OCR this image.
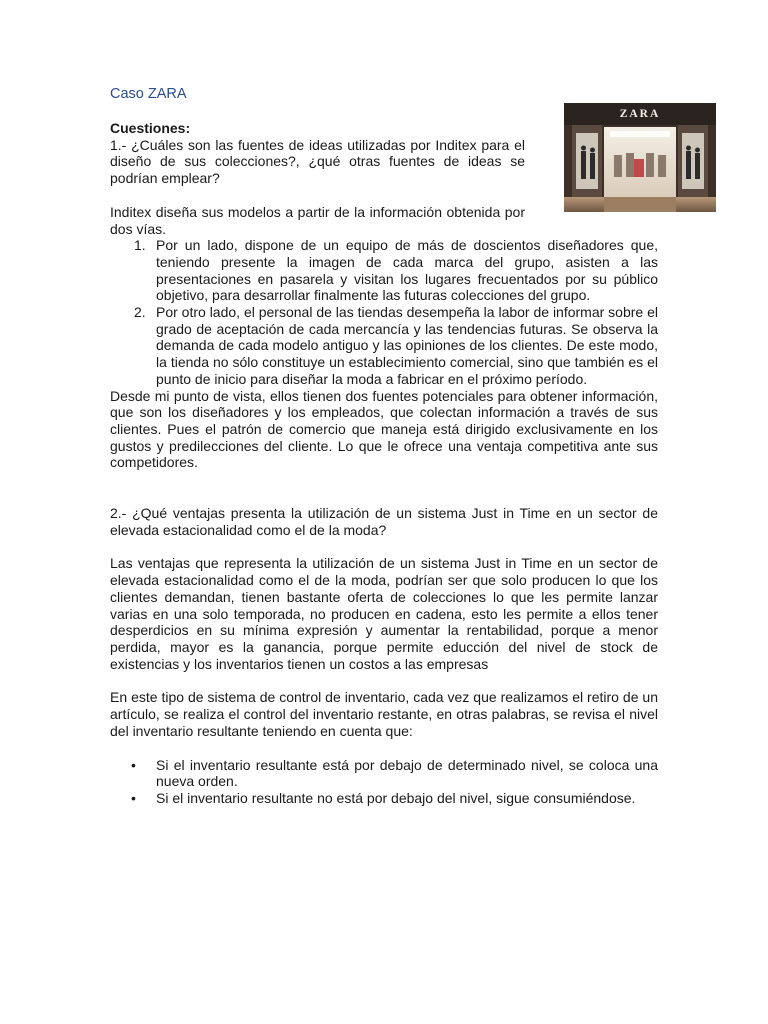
Caso ZARA
ZARA

Cuestiones:

1.- ¿Cuáles son las fuentes de ideas utilizadas por Inditex para el diseño de sus colecciones?, ¿qué otras fuentes de ideas se podrían emplear?

Inditex diseña sus modelos a partir de la información obtenida por dos vías.

1. Por un lado, dispone de un equipo de más de doscientos diseñadores que, teniendo presente la imagen de cada marca del grupo, asisten a las presentaciones en pasarela y visitan los lugares frecuentados por su público objetivo, para desarrollar finalmente las futuras colecciones del grupo.
2. Por otro lado, el personal de las tiendas desempeña la labor de informar sobre el grado de aceptación de cada mercancía y las tendencias futuras. Se observa la demanda de cada modelo antiguo y las opiniones de los clientes. De este modo, la tienda no sólo constituye un establecimiento comercial, sino que también es el punto de inicio para diseñar la moda a fabricar en el próximo período.

Desde mi punto de vista, ellos tienen dos fuentes potenciales para obtener información, que son los diseñadores y los empleados, que colectan información a través de sus clientes. Pues el patrón de comercio que maneja está dirigido exclusivamente en los gustos y predilecciones del cliente. Lo que le ofrece una ventaja competitiva ante sus competidores.

2.- ¿Qué ventajas presenta la utilización de un sistema Just in Time en un sector de elevada estacionalidad como el de la moda?

Las ventajas que representa la utilización de un sistema Just in Time en un sector de elevada estacionalidad como el de la moda, podrían ser que solo producen lo que los clientes demandan, tienen bastante oferta de colecciones lo que les permite lanzar varias en una solo temporada, no producen en cadena, esto les permite a ellos tener desperdicios en su mínima expresión y aumentar la rentabilidad, porque a menor perdida, mayor es la ganancia, porque permite educción del nivel de stock de existencias y los inventarios tienen un costos a las empresas

En este tipo de sistema de control de inventario, cada vez que realizamos el retiro de un artículo, se realiza el control del inventario restante, en otras palabras, se revisa el nivel del inventario resultante teniendo en cuenta que:

• Si el inventario resultante está por debajo de determinado nivel, se coloca una nueva orden.
• Si el inventario resultante no está por debajo del nivel, sigue consumiéndose.
